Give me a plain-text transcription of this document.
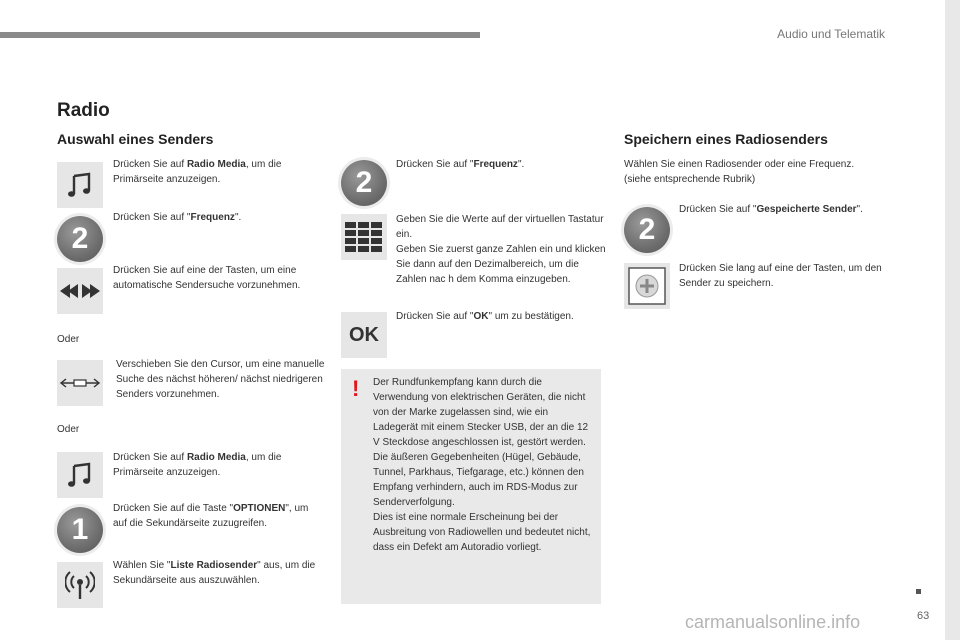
Audio und Telematik
63
carmanualsonline.info
Radio
Auswahl eines Senders	Speichern eines Radiosenders
Drücken Sie auf Radio Media, um die Primärseite anzuzeigen.
2
Drücken Sie auf "Frequenz".
Drücken Sie auf eine der Tasten, um eine automatische Sendersuche vorzunehmen.
Oder
Verschieben Sie den Cursor, um eine manuelle Suche des nächst höheren/ nächst niedrigeren Senders vorzunehmen.
Oder
Drücken Sie auf Radio Media, um die Primärseite anzuzeigen.
1
Drücken Sie auf die Taste "OPTIONEN", um auf die Sekundärseite zuzugreifen.
Wählen Sie "Liste Radiosender" aus, um die Sekundärseite aus auszuwählen.
2
Drücken Sie auf "Frequenz".
Geben Sie die Werte auf der virtuellen Tastatur ein.
Geben Sie zuerst ganze Zahlen ein und klicken Sie dann auf den Dezimalbereich, um die Zahlen nac h dem Komma einzugeben.
OK
Drücken Sie auf "OK" um zu bestätigen.
! Der Rundfunkempfang kann durch die Verwendung von elektrischen Geräten, die nicht von der Marke zugelassen sind, wie ein Ladegerät mit einem Stecker USB, der an die 12 V Steckdose angeschlossen ist, gestört werden.
Die äußeren Gegebenheiten (Hügel, Gebäude, Tunnel, Parkhaus, Tiefgarage, etc.) können den Empfang verhindern, auch im RDS-Modus zur Senderverfolgung.
Dies ist eine normale Erscheinung bei der Ausbreitung von Radiowellen und bedeutet nicht, dass ein Defekt am Autoradio vorliegt.
Wählen Sie einen Radiosender oder eine Frequenz. (siehe entsprechende Rubrik)
2
Drücken Sie auf "Gespeicherte Sender".
Drücken Sie lang auf eine der Tasten, um den Sender zu speichern.
